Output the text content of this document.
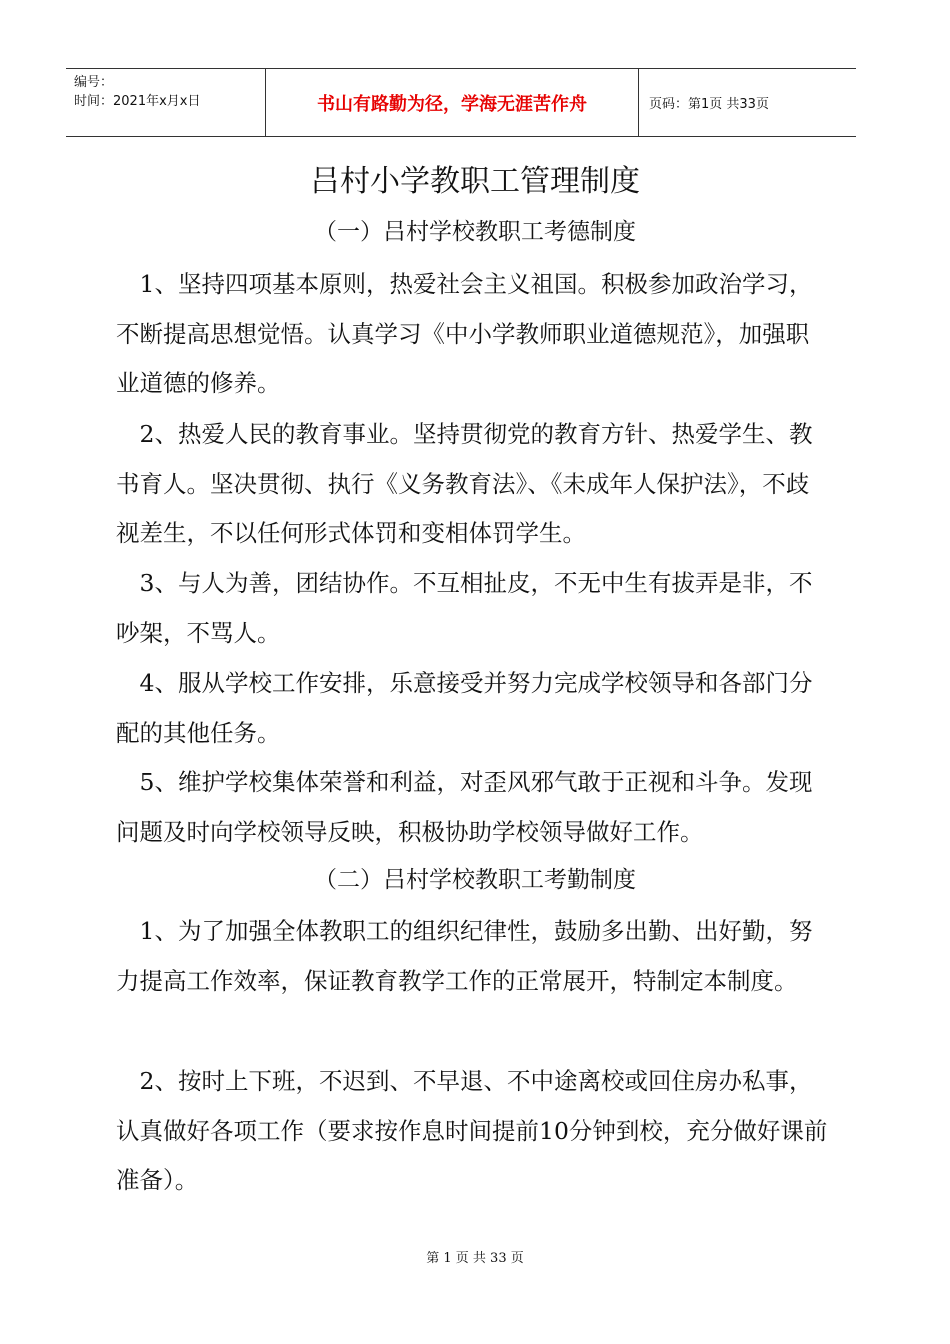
编号：
时间：2021年x月x日	书山有路勤为径，学海无涯苦作舟	页码：第1页 共33页
吕村小学教职工管理制度
（一）吕村学校教职工考德制度
1、坚持四项基本原则，热爱社会主义祖国。积极参加政治学习，不断提高思想觉悟。认真学习《中小学教师职业道德规范》，加强职业道德的修养。
2、热爱人民的教育事业。坚持贯彻党的教育方针、热爱学生、教书育人。坚决贯彻、执行《义务教育法》、《未成年人保护法》，不歧视差生，不以任何形式体罚和变相体罚学生。
3、与人为善，团结协作。不互相扯皮，不无中生有拔弄是非，不吵架，不骂人。
4、服从学校工作安排，乐意接受并努力完成学校领导和各部门分配的其他任务。
5、维护学校集体荣誉和利益，对歪风邪气敢于正视和斗争。发现问题及时向学校领导反映，积极协助学校领导做好工作。
（二）吕村学校教职工考勤制度
1、为了加强全体教职工的组织纪律性，鼓励多出勤、出好勤，努力提高工作效率，保证教育教学工作的正常展开，特制定本制度。
2、按时上下班，不迟到、不早退、不中途离校或回住房办私事，认真做好各项工作（要求按作息时间提前10分钟到校，充分做好课前准备）。
第 1 页 共 33 页
